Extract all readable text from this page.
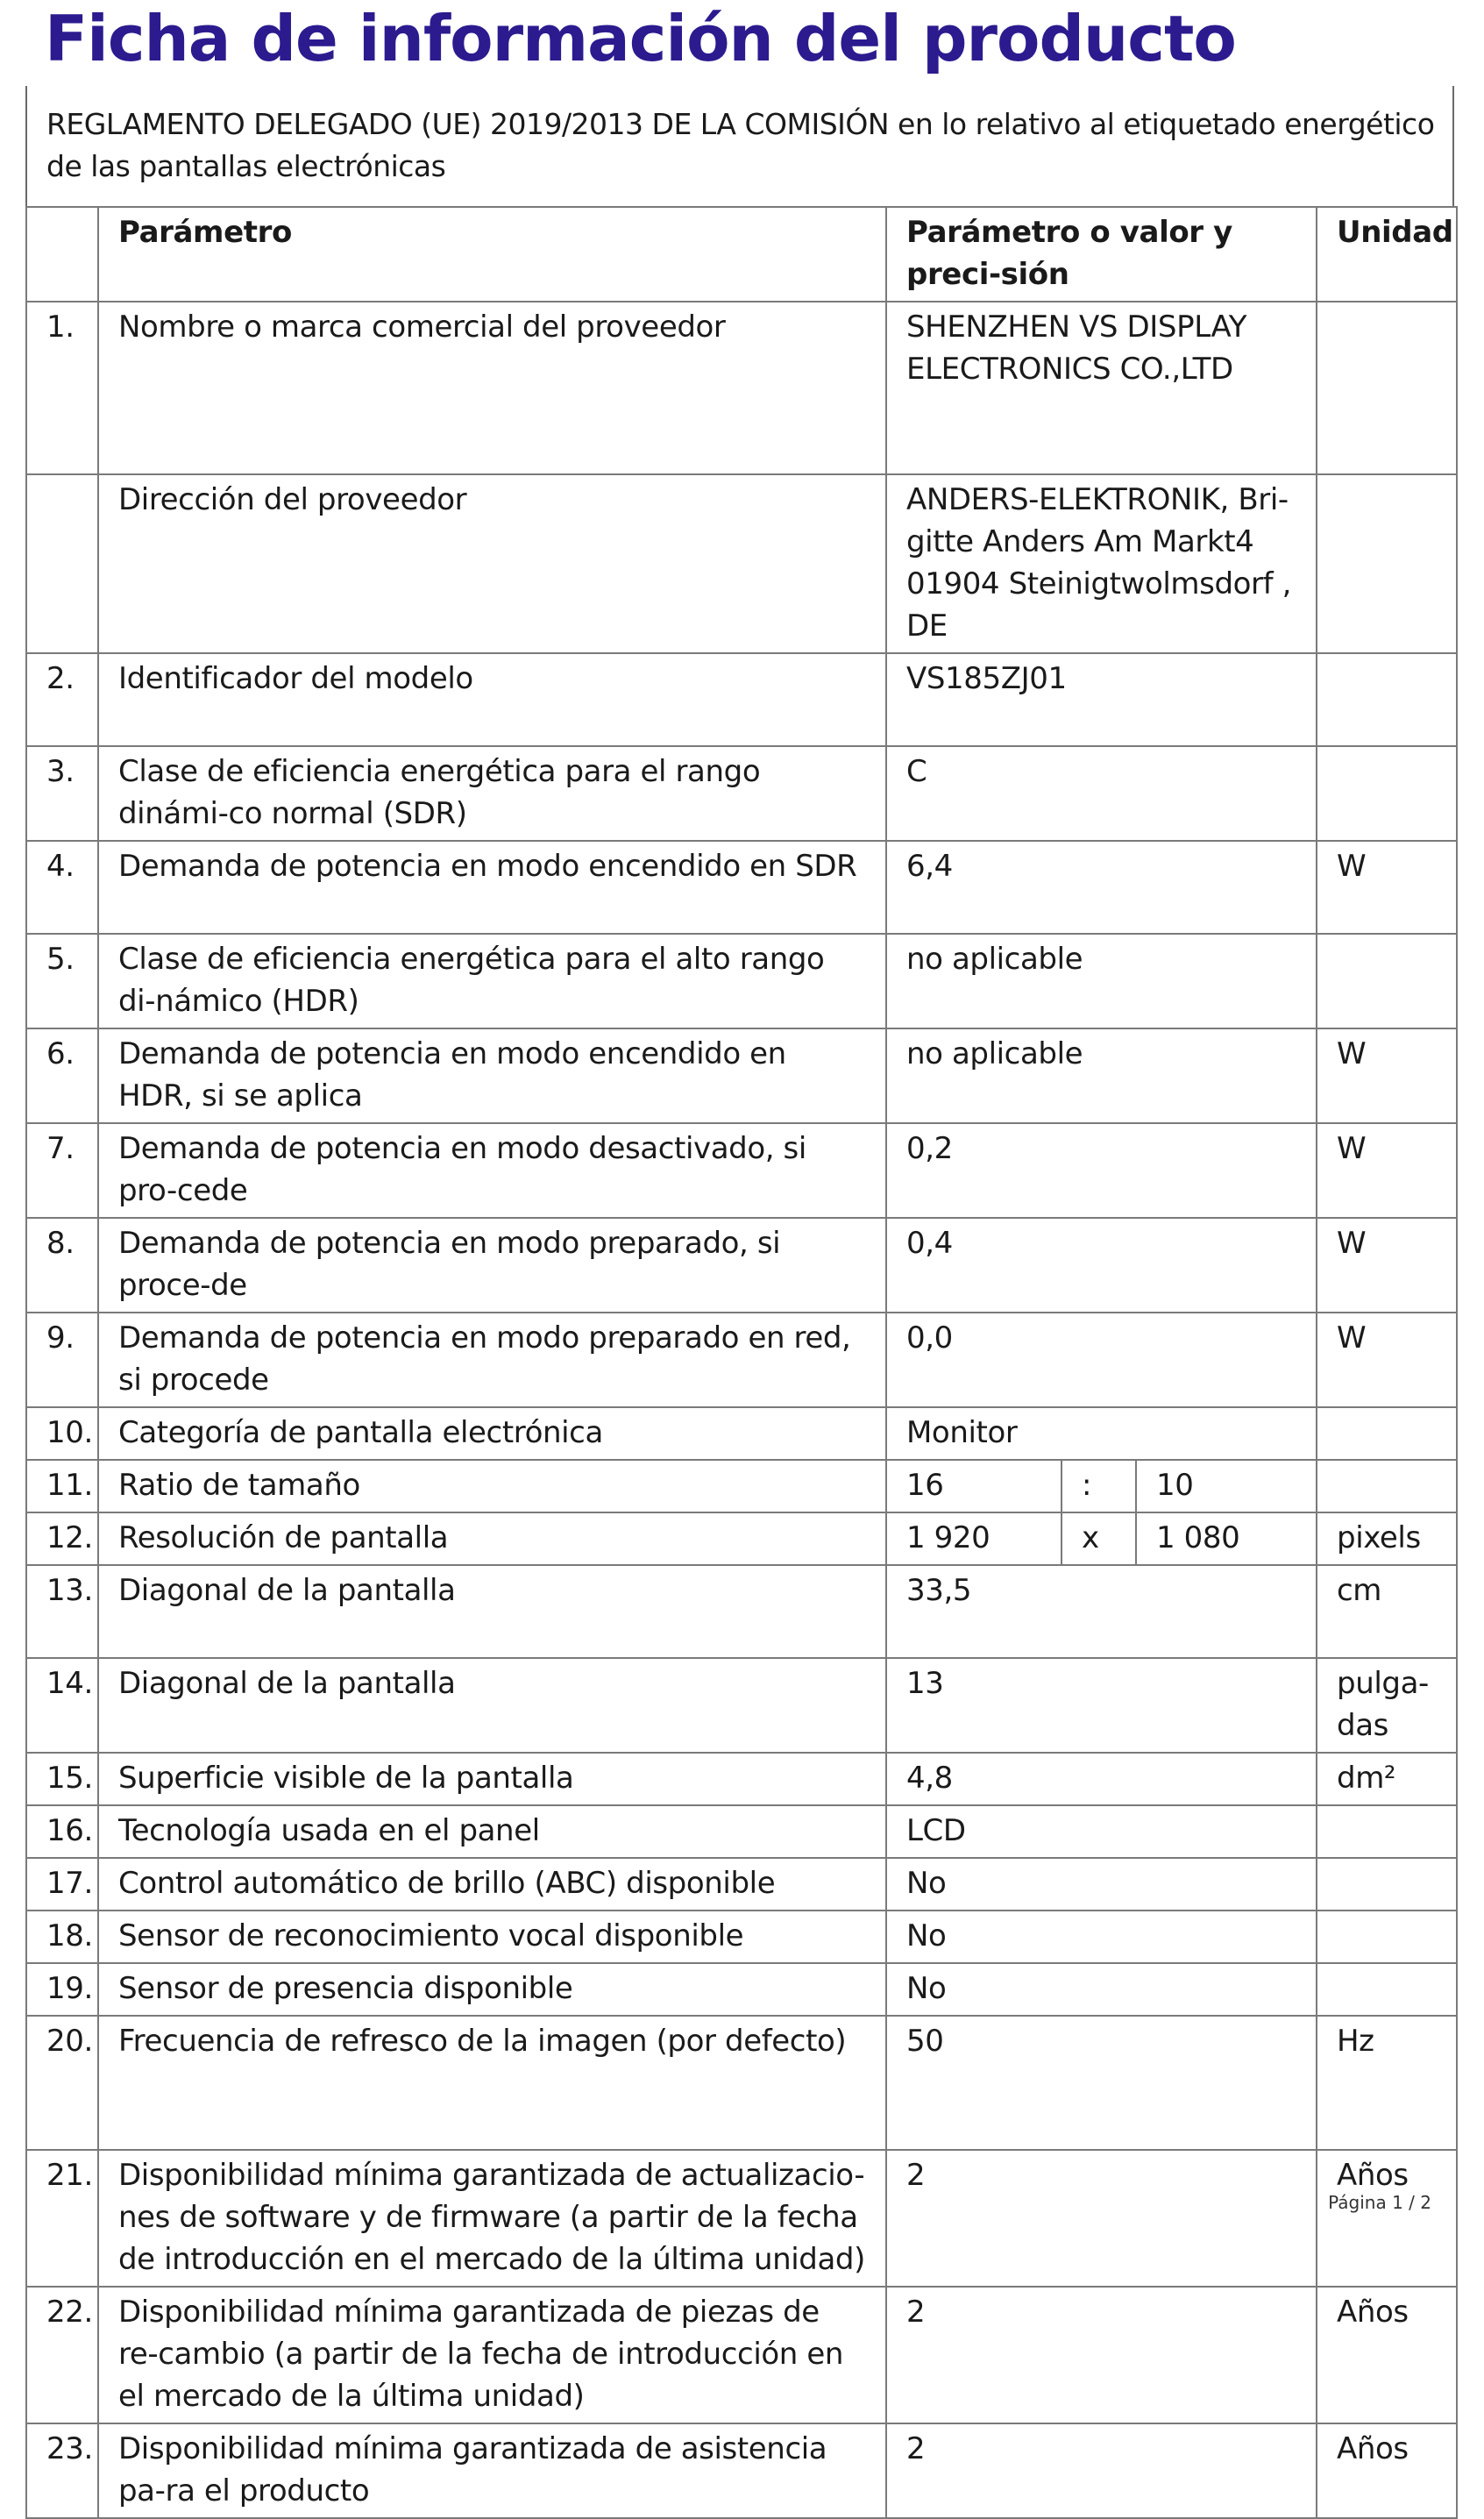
Ficha de información del producto

REGLAMENTO DELEGADO (UE) 2019/2013 DE LA COMISIÓN en lo relativo al etiquetado energético de las pantallas electrónicas

	Parámetro	Parámetro o valor y preci-sión			Unidad
1.	Nombre o marca comercial del proveedor	SHENZHEN VS DISPLAY ELECTRONICS CO.,LTD			
	Dirección del proveedor	ANDERS-ELEKTRONIK, Bri-gitte Anders Am Markt4 01904 Steinigtwolmsdorf , DE			
2.	Identificador del modelo	VS185ZJ01			
3.	Clase de eficiencia energética para el rango dinámi-co normal (SDR)	C			
4.	Demanda de potencia en modo encendido en SDR	6,4			W
5.	Clase de eficiencia energética para el alto rango di-námico (HDR)	no aplicable			
6.	Demanda de potencia en modo encendido en HDR, si se aplica	no aplicable			W
7.	Demanda de potencia en modo desactivado, si pro-cede	0,2			W
8.	Demanda de potencia en modo preparado, si proce-de	0,4			W
9.	Demanda de potencia en modo preparado en red, si procede	0,0			W
10.	Categoría de pantalla electrónica	Monitor			
11.	Ratio de tamaño	16	:	10	
12.	Resolución de pantalla	1 920	x	1 080	pixels
13.	Diagonal de la pantalla	33,5			cm
14.	Diagonal de la pantalla	13			pulga-das
15.	Superficie visible de la pantalla	4,8			dm²
16.	Tecnología usada en el panel	LCD			
17.	Control automático de brillo (ABC) disponible	No			
18.	Sensor de reconocimiento vocal disponible	No			
19.	Sensor de presencia disponible	No			
20.	Frecuencia de refresco de la imagen (por defecto)	50			Hz
21.	Disponibilidad mínima garantizada de actualizacio-nes de software y de firmware (a partir de la fecha de introducción en el mercado de la última unidad)	2			Años
22.	Disponibilidad mínima garantizada de piezas de re-cambio (a partir de la fecha de introducción en el mercado de la última unidad)	2			Años
23.	Disponibilidad mínima garantizada de asistencia pa-ra el producto	2			Años
Página 1 / 2
